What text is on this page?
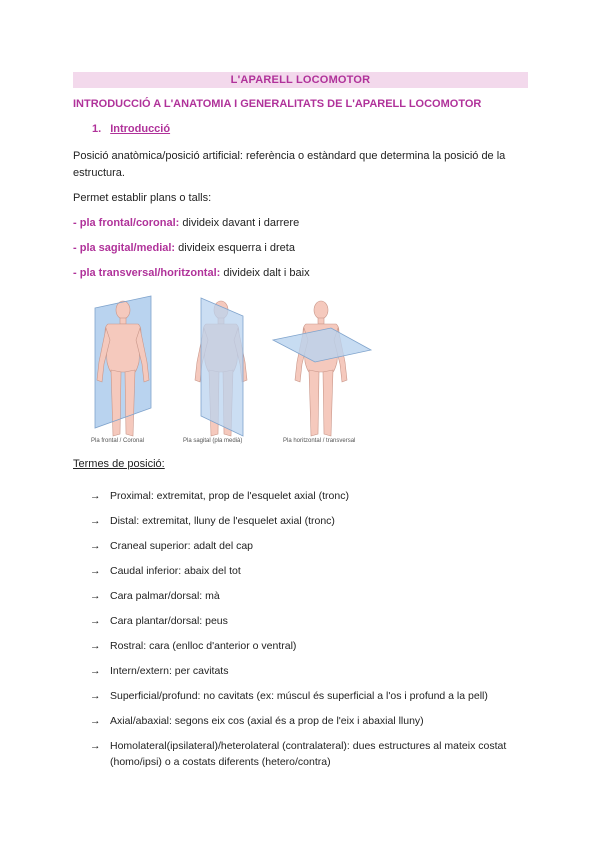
L'APARELL LOCOMOTOR
INTRODUCCIÓ A L'ANATOMIA I GENERALITATS DE L'APARELL LOCOMOTOR
1. Introducció
Posició anatòmica/posició artificial: referència o estàndard que determina la posició de la estructura.
Permet establir plans o talls:
- pla frontal/coronal: divideix davant i darrere
- pla sagital/medial: divideix esquerra i dreta
- pla transversal/horitzontal: divideix dalt i baix
Pla frontal / Coronal	Pla sagital (pla medià)	Pla horitzontal / transversal
Termes de posició:
→ Proximal: extremitat, prop de l'esquelet axial (tronc)
→ Distal: extremitat, lluny de l'esquelet axial (tronc)
→ Craneal superior: adalt del cap
→ Caudal inferior: abaix del tot
→ Cara palmar/dorsal: mà
→ Cara plantar/dorsal: peus
→ Rostral: cara (enlloc d'anterior o ventral)
→ Intern/extern: per cavitats
→ Superficial/profund: no cavitats (ex: múscul és superficial a l'os i profund a la pell)
→ Axial/abaxial: segons eix cos (axial és a prop de l'eix i abaxial lluny)
→ Homolateral(ipsilateral)/heterolateral (contralateral): dues estructures al mateix costat (homo/ipsi) o a costats diferents (hetero/contra)
